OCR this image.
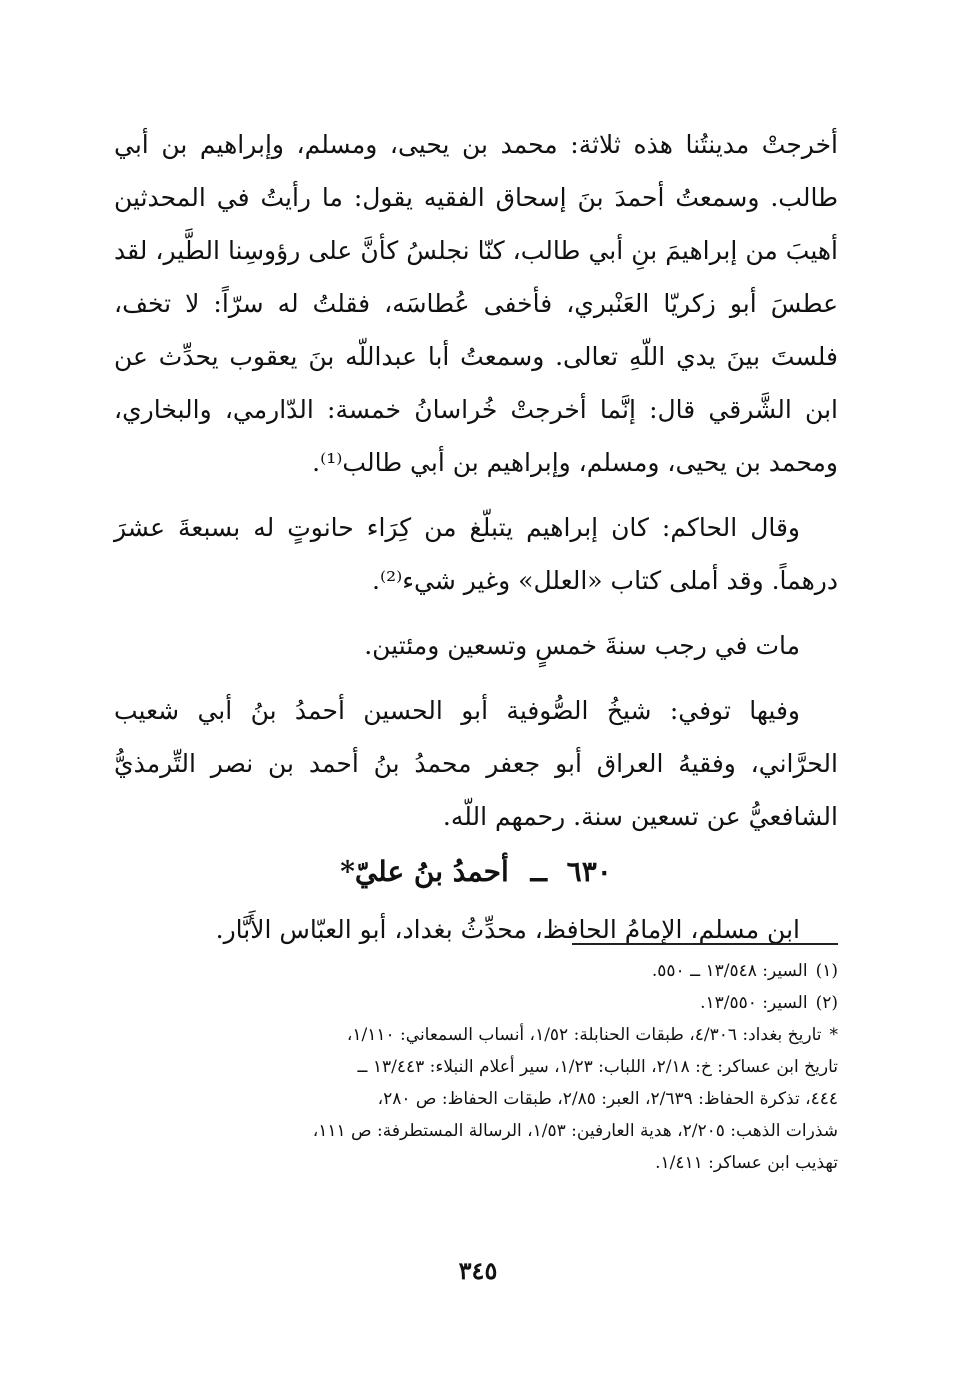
أخرجتْ مدينتُنا هذه ثلاثة: محمد بن يحيى، ومسلم، وإبراهيم بن أبي طالب. وسمعتُ أحمدَ بنَ إسحاق الفقيه يقول: ما رأيتُ في المحدثين أهيبَ من إبراهيمَ بنِ أبي طالب، كنّا نجلسُ كأنَّ على رؤوسِنا الطَّير، لقد عطسَ أبو زكريّا العَنْبري، فأخفى عُطاسَه، فقلتُ له سرّاً: لا تخف، فلستَ بينَ يدي اللّهِ تعالى. وسمعتُ أبا عبداللّه بنَ يعقوب يحدِّث عن ابن الشَّرقي قال: إنَّما أخرجتْ خُراسانُ خمسة: الدّارمي، والبخاري، ومحمد بن يحيى، ومسلم، وإبراهيم بن أبي طالب⁽¹⁾.

وقال الحاكم: كان إبراهيم يتبلّغ من كِرَاء حانوتٍ له بسبعةَ عشرَ درهماً. وقد أملى كتاب «العلل» وغير شيء⁽²⁾.

مات في رجب سنةَ خمسٍ وتسعين ومئتين.

وفيها توفي: شيخُ الصُّوفية أبو الحسين أحمدُ بنُ أبي شعيب الحرَّاني، وفقيهُ العراق أبو جعفر محمدُ بنُ أحمد بن نصر التِّرمذيُّ الشافعيُّ عن تسعين سنة. رحمهم اللّه.

٦٣٠ ــ أحمدُ بنُ عليّ*

ابن مسلم، الإمامُ الحافظ، محدِّثُ بغداد، أبو العبّاس الأَبَّار.

(١)السير: ١٣/٥٤٨ ــ ٥٥٠.

(٢)السير: ١٣/٥٥٠.

*تاريخ بغداد: ٤/٣٠٦، طبقات الحنابلة: ١/٥٢، أنساب السمعاني: ١/١١٠،
تاريخ ابن عساكر: خ: ٢/١٨، اللباب: ١/٢٣، سير أعلام النبلاء: ١٣/٤٤٣ ــ
٤٤٤، تذكرة الحفاظ: ٢/٦٣٩، العبر: ٢/٨٥، طبقات الحفاظ: ص ٢٨٠،
شذرات الذهب: ٢/٢٠٥، هدية العارفين: ١/٥٣، الرسالة المستطرفة: ص ١١١،
تهذيب ابن عساكر: ١/٤١١.
٣٤٥
